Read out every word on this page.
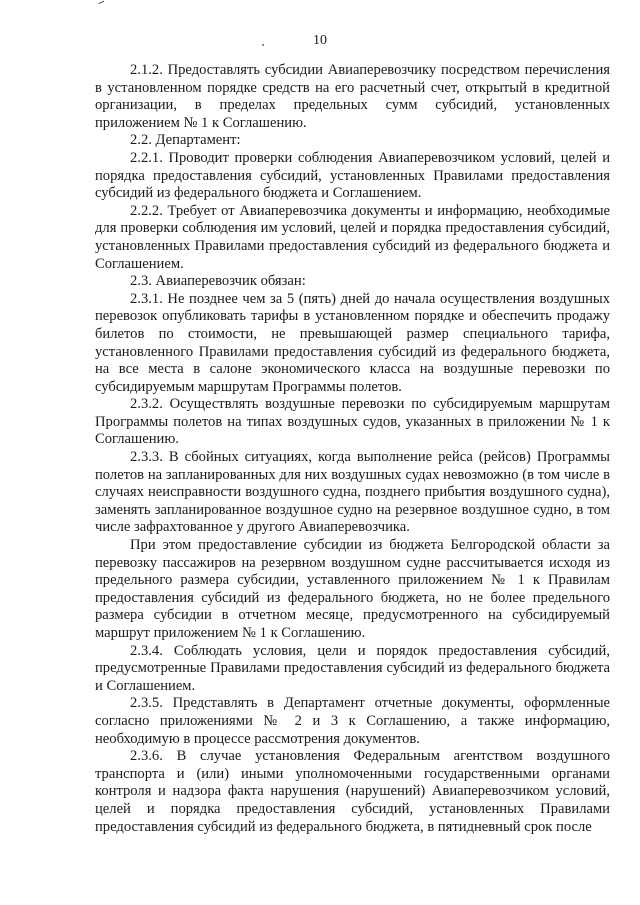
10

2.1.2. Предоставлять субсидии Авиаперевозчику посредством перечисления в установленном порядке средств на его расчетный счет, открытый в кредитной организации, в пределах предельных сумм субсидий, установленных приложением № 1 к Соглашению.

2.2. Департамент:

2.2.1. Проводит проверки соблюдения Авиаперевозчиком условий, целей и порядка предоставления субсидий, установленных Правилами предоставления субсидий из федерального бюджета и Соглашением.

2.2.2. Требует от Авиаперевозчика документы и информацию, необходимые для проверки соблюдения им условий, целей и порядка предоставления субсидий, установленных Правилами предоставления субсидий из федерального бюджета и Соглашением.

2.3. Авиаперевозчик обязан:

2.3.1. Не позднее чем за 5 (пять) дней до начала осуществления воздушных перевозок опубликовать тарифы в установленном порядке и обеспечить продажу билетов по стоимости, не превышающей размер специального тарифа, установленного Правилами предоставления субсидий из федерального бюджета, на все места в салоне экономического класса на воздушные перевозки по субсидируемым маршрутам Программы полетов.

2.3.2. Осуществлять воздушные перевозки по субсидируемым маршрутам Программы полетов на типах воздушных судов, указанных в приложении № 1 к Соглашению.

2.3.3. В сбойных ситуациях, когда выполнение рейса (рейсов) Программы полетов на запланированных для них воздушных судах невозможно (в том числе в случаях неисправности воздушного судна, позднего прибытия воздушного судна), заменять запланированное воздушное судно на резервное воздушное судно, в том числе зафрахтованное у другого Авиаперевозчика.

При этом предоставление субсидии из бюджета Белгородской области за перевозку пассажиров на резервном воздушном судне рассчитывается исходя из предельного размера субсидии, уставленного приложением № 1 к Правилам предоставления субсидий из федерального бюджета, но не более предельного размера субсидии в отчетном месяце, предусмотренного на субсидируемый маршрут приложением № 1 к Соглашению.

2.3.4. Соблюдать условия, цели и порядок предоставления субсидий, предусмотренные Правилами предоставления субсидий из федерального бюджета и Соглашением.

2.3.5. Представлять в Департамент отчетные документы, оформленные согласно приложениями № 2 и 3 к Соглашению, а также информацию, необходимую в процессе рассмотрения документов.

2.3.6. В случае установления Федеральным агентством воздушного транспорта и (или) иными уполномоченными государственными органами контроля и надзора факта нарушения (нарушений) Авиаперевозчиком условий, целей и порядка предоставления субсидий, установленных Правилами предоставления субсидий из федерального бюджета, в пятидневный срок после
